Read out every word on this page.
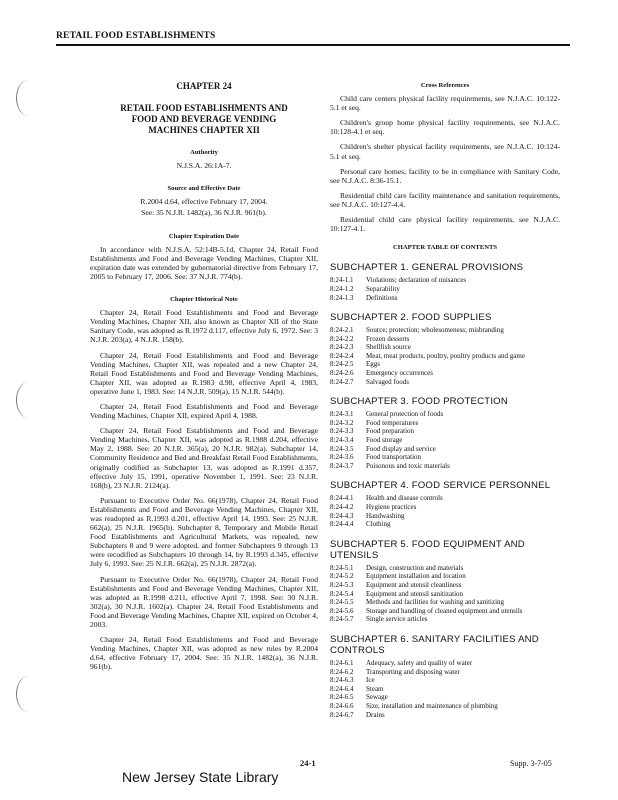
RETAIL FOOD ESTABLISHMENTS
CHAPTER 24
RETAIL FOOD ESTABLISHMENTS AND
FOOD AND BEVERAGE VENDING
MACHINES CHAPTER XII
Authority
N.J.S.A. 26:1A-7.
Source and Effective Date
R.2004 d.64, effective February 17, 2004.
See: 35 N.J.R. 1482(a), 36 N.J.R. 961(b).
Chapter Expiration Date

In accordance with N.J.S.A. 52:14B-5.1d, Chapter 24, Retail Food Establishments and Food and Beverage Vending Machines, Chapter XII, expiration date was extended by gubernatorial directive from February 17, 2005 to February 17, 2006. See: 37 N.J.R. 774(b).

Chapter Historical Note

Chapter 24, Retail Food Establishments and Food and Beverage Vending Machines, Chapter XII, also known as Chapter XII of the State Sanitary Code, was adopted as R.1972 d.117, effective July 6, 1972. See: 3 N.J.R. 203(a), 4 N.J.R. 158(b).

Chapter 24, Retail Food Establishments and Food and Beverage Vending Machines, Chapter XII, was repealed and a new Chapter 24, Retail Food Establishments and Food and Beverage Vending Machines, Chapter XII, was adopted as R.1983 d.98, effective April 4, 1983, operative June 1, 1983. See: 14 N.J.R. 509(a), 15 N.J.R. 544(b).

Chapter 24, Retail Food Establishments and Food and Beverage Vending Machines, Chapter XII, expired April 4, 1988.

Chapter 24, Retail Food Establishments and Food and Beverage Vending Machines, Chapter XII, was adopted as R.1988 d.204, effective May 2, 1988. See: 20 N.J.R. 365(a), 20 N.J.R. 982(a). Subchapter 14, Community Residence and Bed and Breakfast Retail Food Establishments, originally codified as Subchapter 13, was adopted as R.1991 d.357, effective July 15, 1991, operative November 1, 1991. See: 23 N.J.R. 168(b), 23 N.J.R. 2124(a).

Pursuant to Executive Order No. 66(1978), Chapter 24, Retail Food Establishments and Food and Beverage Vending Machines, Chapter XII, was readopted as R.1993 d.201, effective April 14, 1993. See: 25 N.J.R. 662(a), 25 N.J.R. 1965(b). Subchapter 8, Temporary and Mobile Retail Food Establishments and Agricultural Markets, was repealed, new Subchapters 8 and 9 were adopted, and former Subchapters 9 through 13 were recodified as Subchapters 10 through 14, by R.1993 d.345, effective July 6, 1993. See: 25 N.J.R. 662(a), 25 N.J.R. 2872(a).

Pursuant to Executive Order No. 66(1978), Chapter 24, Retail Food Establishments and Food and Beverage Vending Machines, Chapter XII, was adopted as R.1998 d.211, effective April 7, 1998. See: 30 N.J.R. 302(a), 30 N.J.R. 1602(a). Chapter 24, Retail Food Establishments and Food and Beverage Vending Machines, Chapter XII, expired on October 4, 2003.

Chapter 24, Retail Food Establishments and Food and Beverage Vending Machines, Chapter XII, was adopted as new rules by R.2004 d.64, effective February 17, 2004. See: 35 N.J.R. 1482(a), 36 N.J.R. 961(b).

Cross References

Child care centers physical facility requirements, see N.J.A.C. 10:122-5.1 et seq.

Children's group home physical facility requirements, see N.J.A.C. 10:128-4.1 et seq.

Children's shelter physical facility requirements, see N.J.A.C. 10:124-5.1 et seq.

Personal care homes, facility to be in compliance with Sanitary Code, see N.J.A.C. 8:36-15.1.

Residential child care facility maintenance and sanitation requirements, see N.J.A.C. 10:127-4.4.

Residential child care physical facility requirements, see N.J.A.C. 10:127-4.1.

CHAPTER TABLE OF CONTENTS
SUBCHAPTER 1. GENERAL PROVISIONS
8:24-1.1	Violations; declaration of nuisances
8:24-1.2	Separability
8:24-1.3	Definitions
SUBCHAPTER 2. FOOD SUPPLIES
8:24-2.1	Source; protection; wholesomeness; misbranding
8:24-2.2	Frozen desserts
8:24-2.3	Shellfish source
8:24-2.4	Meat, meat products, poultry, poultry products and game
8:24-2.5	Eggs
8:24-2.6	Emergency occurrences
8:24-2.7	Salvaged foods
SUBCHAPTER 3. FOOD PROTECTION
8:24-3.1	General protection of foods
8:24-3.2	Food temperatures
8:24-3.3	Food preparation
8:24-3.4	Food storage
8:24-3.5	Food display and service
8:24-3.6	Food transportation
8:24-3.7	Poisonous and toxic materials
SUBCHAPTER 4. FOOD SERVICE PERSONNEL
8:24-4.1	Health and disease controls
8:24-4.2	Hygiene practices
8:24-4.3	Handwashing
8:24-4.4	Clothing
SUBCHAPTER 5. FOOD EQUIPMENT AND UTENSILS
8:24-5.1	Design, construction and materials
8:24-5.2	Equipment installation and location
8:24-5.3	Equipment and utensil cleanliness
8:24-5.4	Equipment and utensil sanitization
8:24-5.5	Methods and facilities for washing and sanitizing
8:24-5.6	Storage and handling of cleaned equipment and utensils
8:24-5.7	Single service articles
SUBCHAPTER 6. SANITARY FACILITIES AND CONTROLS
8:24-6.1	Adequacy, safety and quality of water
8:24-6.2	Transporting and disposing water
8:24-6.3	Ice
8:24-6.4	Steam
8:24-6.5	Sewage
8:24-6.6	Size, installation and maintenance of plumbing
8:24-6.7	Drains
24-1	Supp. 3-7-05
New Jersey State Library
